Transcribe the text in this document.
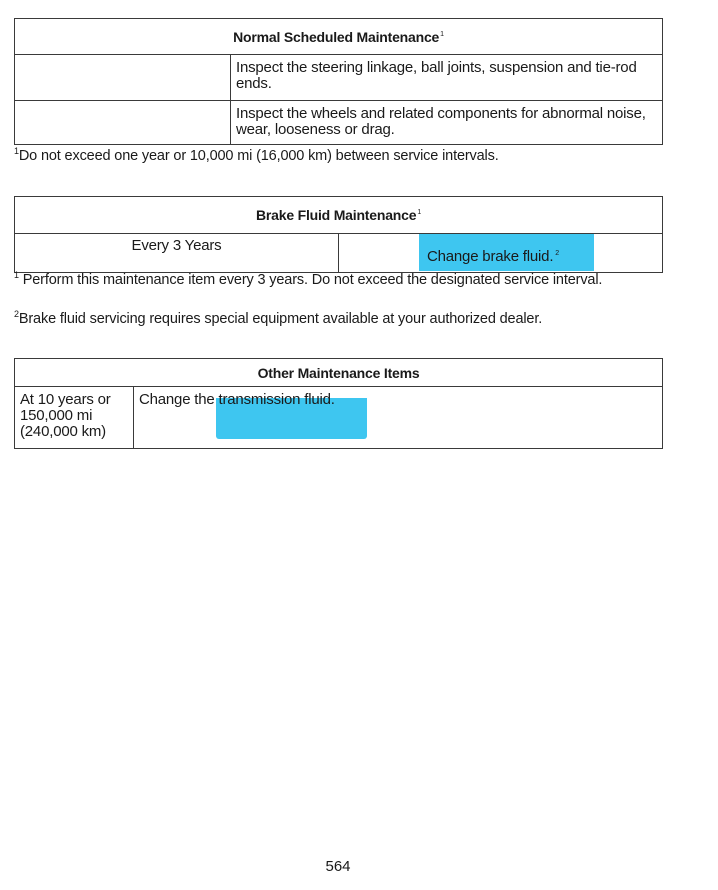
Normal Scheduled Maintenance$^1$
	Inspect the steering linkage, ball joints, suspension and tie-rod ends.
	Inspect the wheels and related components for abnormal noise, wear, looseness or drag.
$^1$Do not exceed one year or 10,000 mi (16,000 km) between service intervals.
Brake Fluid Maintenance$^1$
Every 3 Years	Change brake fluid. $^2$
$^1$ Perform this maintenance item every 3 years. Do not exceed the designated service interval.
$^2$Brake fluid servicing requires special equipment available at your authorized dealer.
Other Maintenance Items
At 10 years or 150,000 mi (240,000 km)	Change the transmission fluid.
564
